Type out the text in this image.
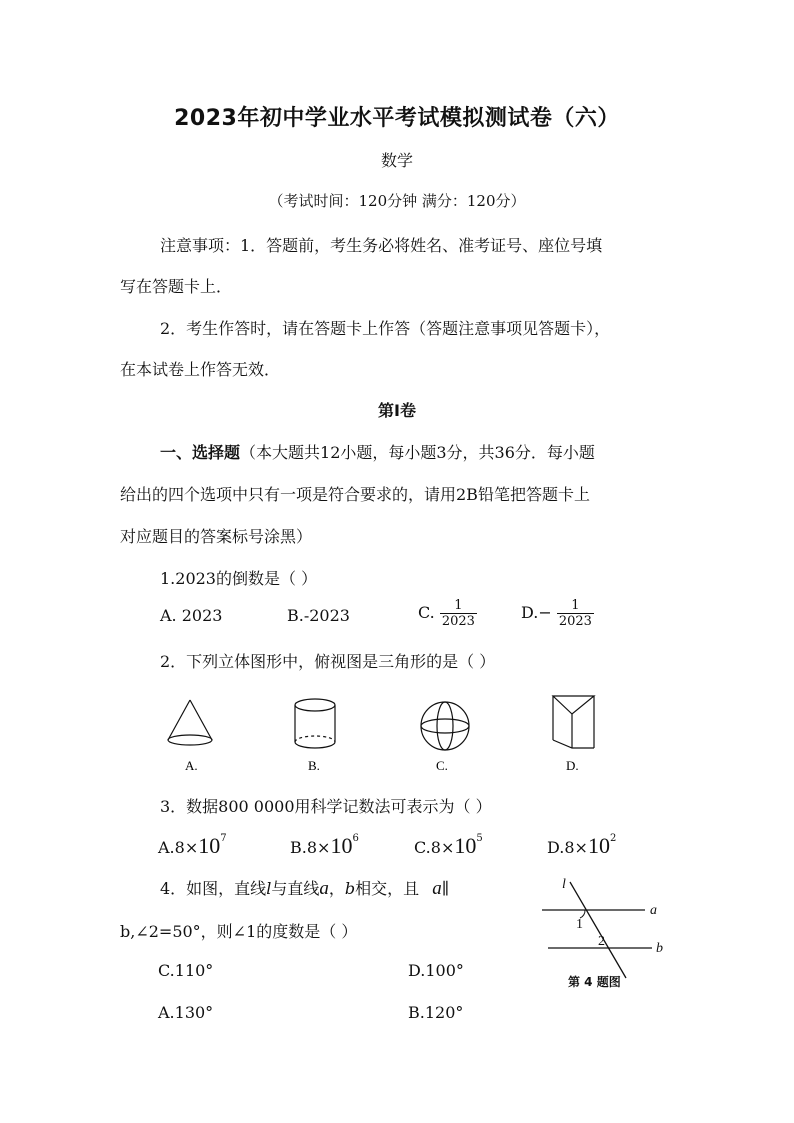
2023年初中学业水平考试模拟测试卷（六）
数学
（考试时间：120分钟 满分：120分）
注意事项：1．答题前，考生务必将姓名、准考证号、座位号填
写在答题卡上．
2．考生作答时，请在答题卡上作答（答题注意事项见答题卡），
在本试卷上作答无效．
第Ⅰ卷
一、选择题（本大题共12小题，每小题3分，共36分．每小题
给出的四个选项中只有一项是符合要求的，请用2B铅笔把答题卡上
对应题目的答案标号涂黑）
1.2023的倒数是（ ）
A. 2023	B.-2023	C. $\frac{1}{2023}$	$D.- \frac{1}{2023}$
2．下列立体图形中，俯视图是三角形的是（ ）
A.	B.	C.	D.
3．数据800 0000用科学记数法可表示为（ ）
$A.8\times 10^7$	$B.8\times 10^6$	$C.8\times 10^5$	$D.8\times 10^2$
4．如图，直线l与直线a，b相交，且 a∥
b,∠2=50°，则∠1的度数是（ ）
C.110°	D.100°
A.130°	B.120°
l
a
b
1
2
第 4 题图
